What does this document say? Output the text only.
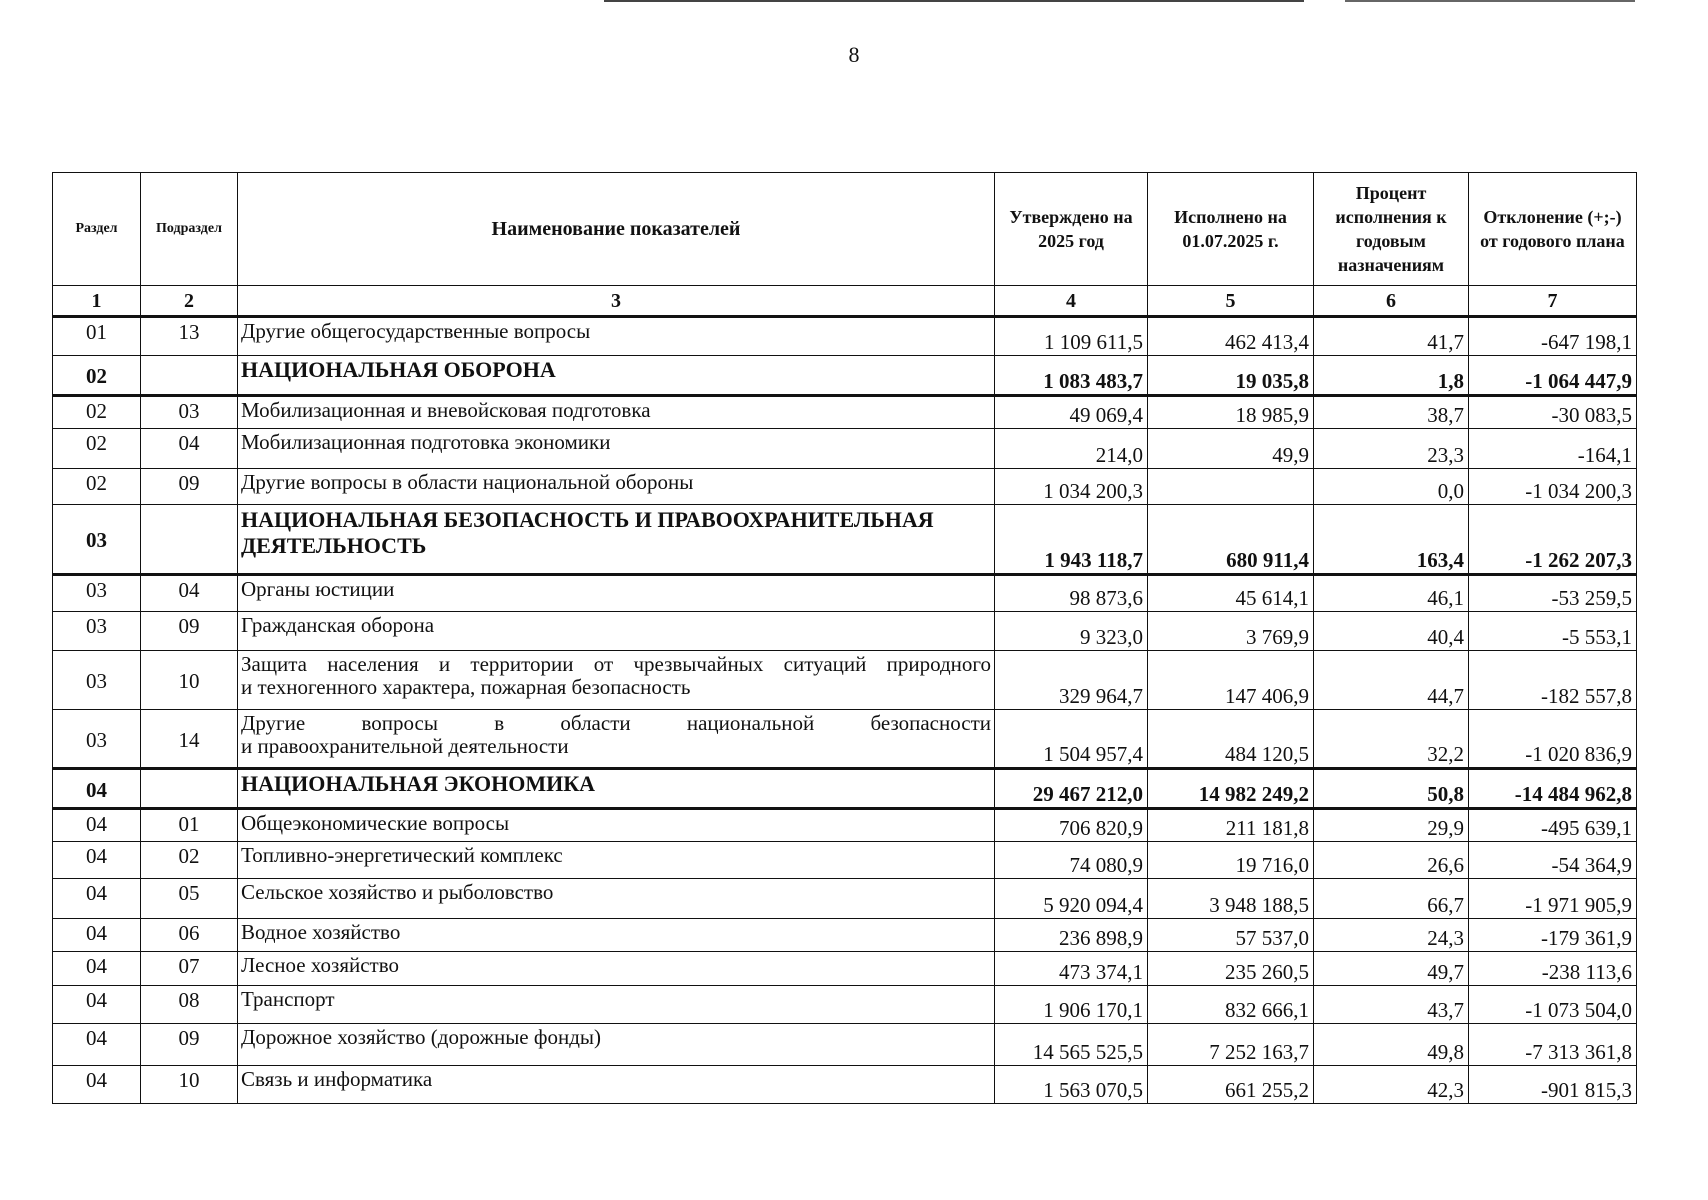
8
Раздел	Подраздел	Наименование показателей	Утверждено на 2025 год	Исполнено на 01.07.2025 г.	Процент исполнения к годовым назначениям	Отклонение (+;-) от годового плана
1	2	3	4	5	6	7
01	13	Другие общегосударственные вопросы	1 109 611,5	462 413,4	41,7	-647 198,1
02		НАЦИОНАЛЬНАЯ ОБОРОНА	1 083 483,7	19 035,8	1,8	-1 064 447,9
02	03	Мобилизационная и вневойсковая подготовка	49 069,4	18 985,9	38,7	-30 083,5
02	04	Мобилизационная подготовка экономики	214,0	49,9	23,3	-164,1
02	09	Другие вопросы в области национальной обороны	1 034 200,3		0,0	-1 034 200,3
03		НАЦИОНАЛЬНАЯ БЕЗОПАСНОСТЬ И ПРАВООХРАНИТЕЛЬНАЯ ДЕЯТЕЛЬНОСТЬ	1 943 118,7	680 911,4	163,4	-1 262 207,3
03	04	Органы юстиции	98 873,6	45 614,1	46,1	-53 259,5
03	09	Гражданская оборона	9 323,0	3 769,9	40,4	-5 553,1
03	10	Защита населения и территории от чрезвычайных ситуаций природного
и техногенного характера, пожарная безопасность	329 964,7	147 406,9	44,7	-182 557,8
03	14	Другие вопросы в области национальной безопасности
и правоохранительной деятельности	1 504 957,4	484 120,5	32,2	-1 020 836,9
04		НАЦИОНАЛЬНАЯ ЭКОНОМИКА	29 467 212,0	14 982 249,2	50,8	-14 484 962,8
04	01	Общеэкономические вопросы	706 820,9	211 181,8	29,9	-495 639,1
04	02	Топливно-энергетический комплекс	74 080,9	19 716,0	26,6	-54 364,9
04	05	Сельское хозяйство и рыболовство	5 920 094,4	3 948 188,5	66,7	-1 971 905,9
04	06	Водное хозяйство	236 898,9	57 537,0	24,3	-179 361,9
04	07	Лесное хозяйство	473 374,1	235 260,5	49,7	-238 113,6
04	08	Транспорт	1 906 170,1	832 666,1	43,7	-1 073 504,0
04	09	Дорожное хозяйство (дорожные фонды)	14 565 525,5	7 252 163,7	49,8	-7 313 361,8
04	10	Связь и информатика	1 563 070,5	661 255,2	42,3	-901 815,3
